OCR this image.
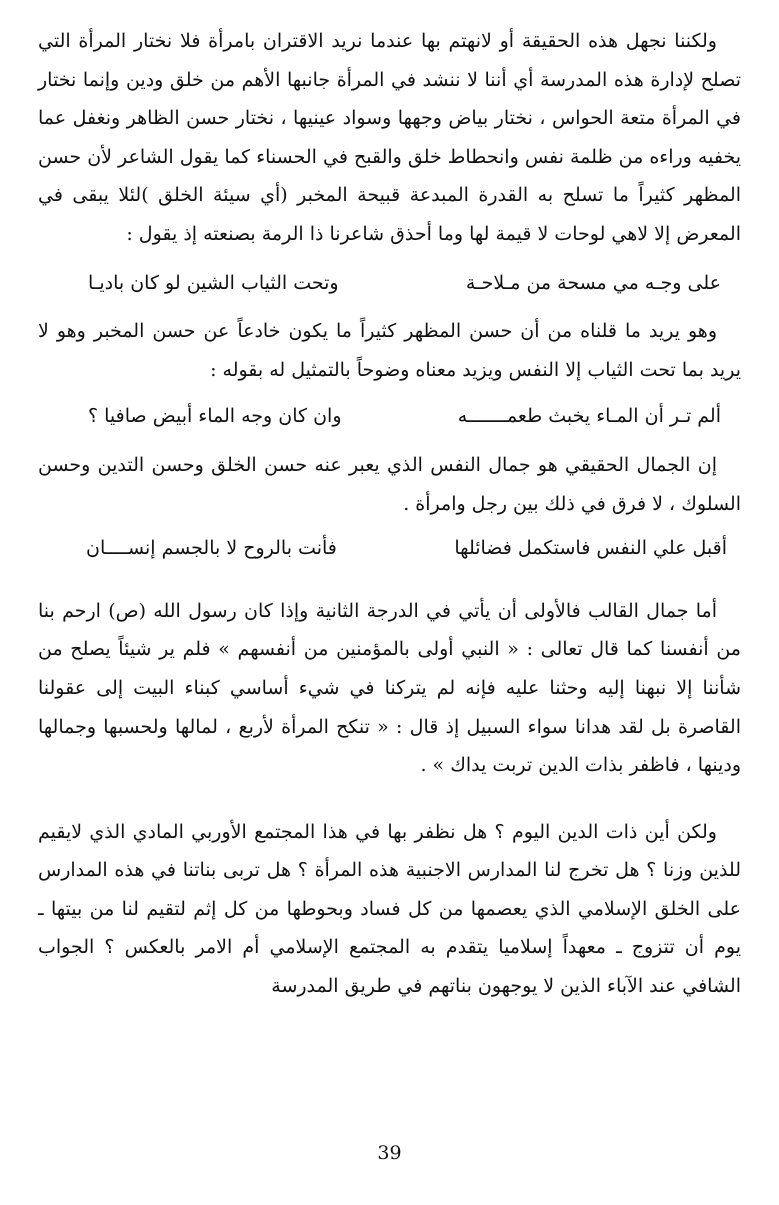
ولكننا نجهل هذه الحقيقة أو لانهتم بها عندما نريد الاقتران بامرأة فلا نختار المرأة التي تصلح لإدارة هذه المدرسة أي أننا لا ننشد في المرأة جانبها الأهم من خلق ودين وإنما نختار في المرأة متعة الحواس ، نختار بياض وجهها وسواد عينيها ، نختار حسن الظاهر ونغفل عما يخفيه وراءه من ظلمة نفس وانحطاط خلق والقبح في الحسناء كما يقول الشاعر لأن حسن المظهر كثيراً ما تسلح به القدرة المبدعة قبيحة المخبر (أي سيئة الخلق )لئلا يبقى في المعرض إلا لاهي لوحات لا قيمة لها وما أحذق شاعرنا ذا الرمة بصنعته إذ يقول :

على وجـه مي مسحة من مـلاحـة
وتحت الثياب الشين لو كان باديـا

وهو يريد ما قلناه من أن حسن المظهر كثيراً ما يكون خادعاً عن حسن المخبر وهو لا يريد بما تحت الثياب إلا النفس ويزيد معناه وضوحاً بالتمثيل له بقوله :

ألم تـر أن المـاء يخبث طعمـــــــه
وان كان وجه الماء أبيض صافيا ؟

إن الجمال الحقيقي هو جمال النفس الذي يعبر عنه حسن الخلق وحسن التدين وحسن السلوك ، لا فرق في ذلك بين رجل وامرأة .

أقبل علي النفس فاستكمل فضائلها
فأنت بالروح لا بالجسم إنســــان

أما جمال القالب فالأولى أن يأتي في الدرجة الثانية وإذا كان رسول الله (ص) ارحم بنا من أنفسنا كما قال تعالى : « النبي أولى بالمؤمنين من أنفسهم » فلم ير شيئاً يصلح من شأننا إلا نبهنا إليه وحثنا عليه فإنه لم يتركنا في شيء أساسي كبناء البيت إلى عقولنا القاصرة بل لقد هدانا سواء السبيل إذ قال : « تنكح المرأة لأربع ، لمالها ولحسبها وجمالها ودينها ، فاظفر بذات الدين تربت يداك » .

ولكن أين ذات الدين اليوم ؟ هل نظفر بها في هذا المجتمع الأوربي المادي الذي لايقيم للذين وزنا ؟ هل تخرج لنا المدارس الاجنبية هذه المرأة ؟ هل تربى بناتنا في هذه المدارس على الخلق الإسلامي الذي يعصمها من كل فساد وبحوطها من كل إثم لتقيم لنا من بيتها ـ يوم أن تتزوج ـ معهداً إسلاميا يتقدم به المجتمع الإسلامي أم الامر بالعكس ؟ الجواب الشافي عند الآباء الذين لا يوجهون بناتهم في طريق المدرسة

39
